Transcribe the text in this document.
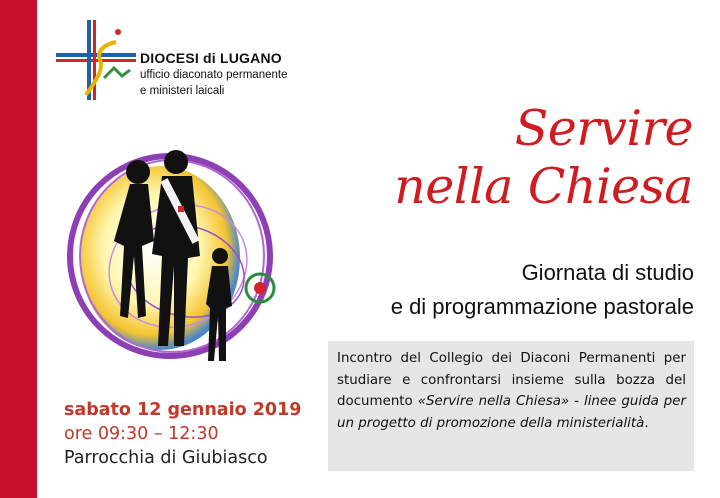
DIOCESI di LUGANO
ufficio diaconato permanente
e ministeri laicali
Servire
nella Chiesa
Giornata di studio
e di programmazione pastorale
sabato 12 gennaio 2019
ore 09:30 – 12:30
Parrocchia di Giubiasco
Incontro del Collegio dei Diaconi Permanenti per studiare e confrontarsi insieme sulla bozza del documento «Servire nella Chiesa» - linee guida per un progetto di promozione della ministerialità.
